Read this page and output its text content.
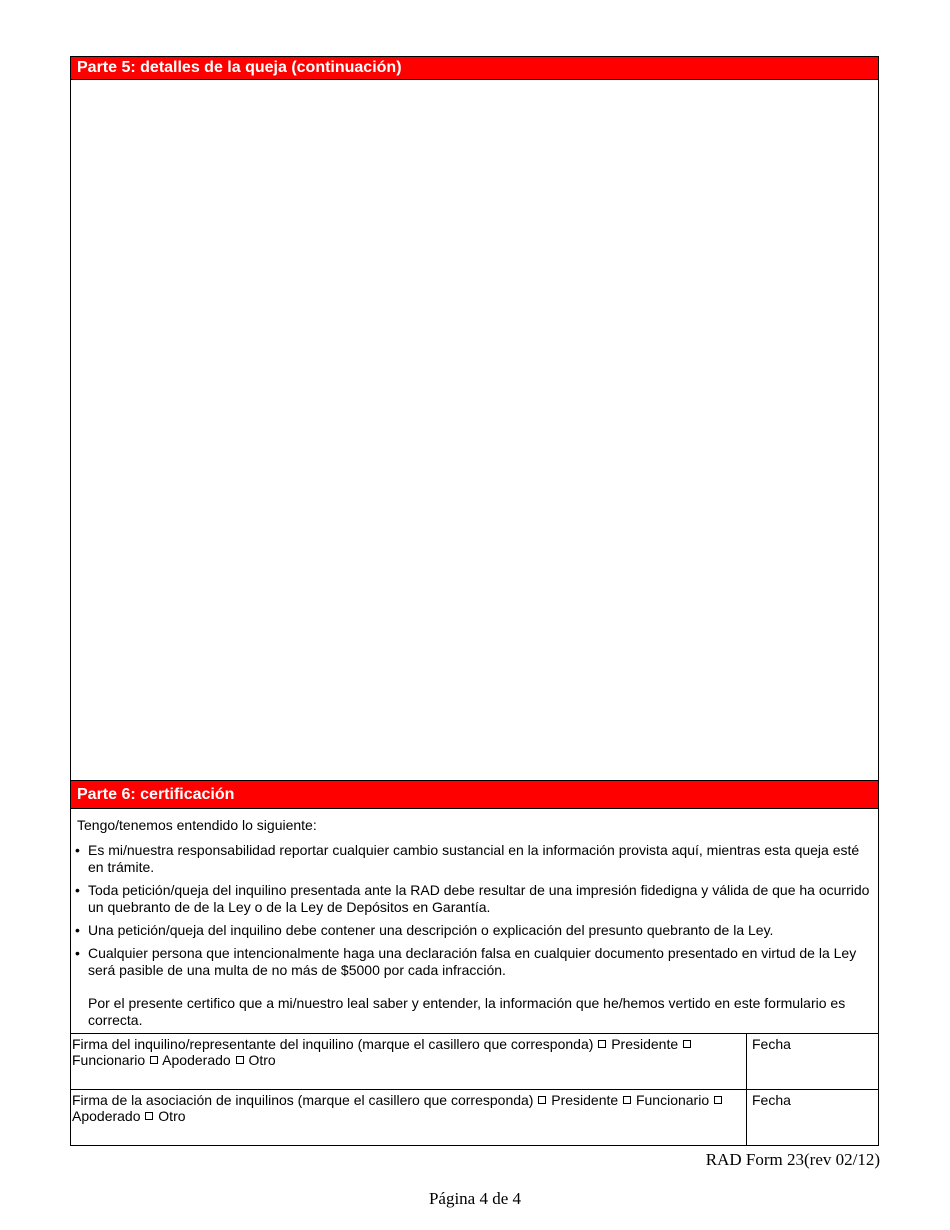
Parte 5: detalles de la queja (continuación)
Parte 6: certificación
Tengo/tenemos entendido lo siguiente:
• Es mi/nuestra responsabilidad reportar cualquier cambio sustancial en la información provista aquí, mientras esta queja esté en trámite.
• Toda petición/queja del inquilino presentada ante la RAD debe resultar de una impresión fidedigna y válida de que ha ocurrido un quebranto de de la Ley o de la Ley de Depósitos en Garantía.
• Una petición/queja del inquilino debe contener una descripción o explicación del presunto quebranto de la Ley.
• Cualquier persona que intencionalmente haga una declaración falsa en cualquier documento presentado en virtud de la Ley será pasible de una multa de no más de $5000 por cada infracción.
Por el presente certifico que a mi/nuestro leal saber y entender, la información que he/hemos vertido en este formulario es correcta.
Firma del inquilino/representante del inquilino (marque el casillero que corresponda) Presidente  Funcionario Apoderado Otro
Fecha
Firma de la asociación de inquilinos (marque el casillero que corresponda) Presidente Funcionario  Apoderado Otro
Fecha
RAD Form 23(rev 02/12)
Página 4 de 4
